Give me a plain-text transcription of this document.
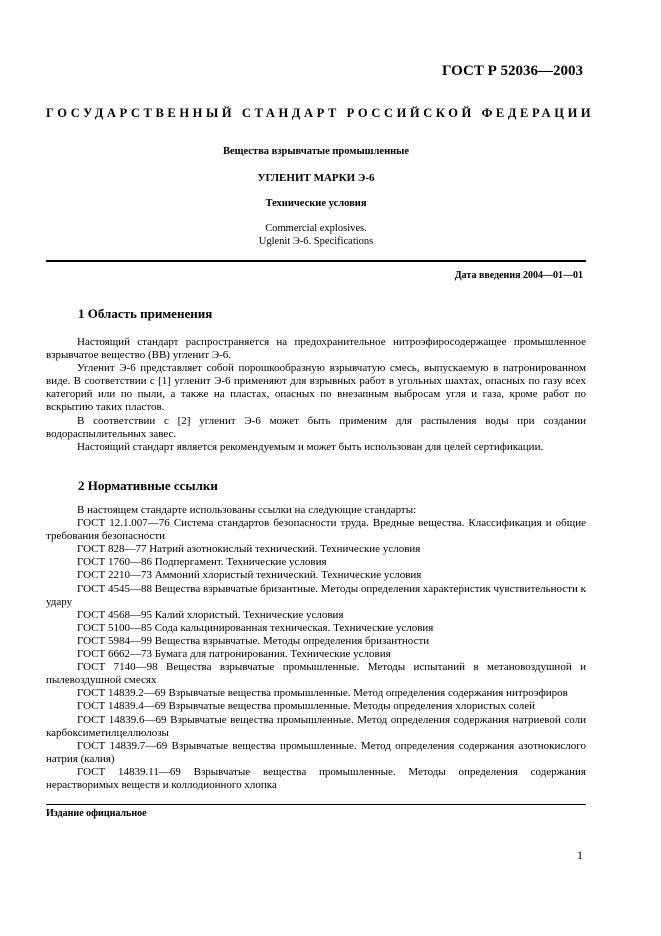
ГОСТ Р 52036—2003
ГОСУДАРСТВЕННЫЙ СТАНДАРТ РОССИЙСКОЙ ФЕДЕРАЦИИ
Вещества взрывчатые промышленные
УГЛЕНИТ МАРКИ Э-6
Технические условия
Commercial explosives.
Uglenit Э-6. Specifications
Дата введения 2004—01—01
1 Область применения

Настоящий стандарт распространяется на предохранительное нитроэфиросодержащее промышленное взрывчатое вещество (ВВ) угленит Э-6.

Угленит Э-6 представляет собой порошкообразную взрывчатую смесь, выпускаемую в патронированном виде. В соответствии с [1] угленит Э-6 применяют для взрывных работ в угольных шахтах, опасных по газу всех категорий или по пыли, а также на пластах, опасных по внезапным выбросам угля и газа, кроме работ по вскрытию таких пластов.

В соответствии с [2] угленит Э-6 может быть применим для распыления воды при создании водораспылительных завес.

Настоящий стандарт является рекомендуемым и может быть использован для целей сертификации.

2 Нормативные ссылки

В настоящем стандарте использованы ссылки на следующие стандарты:

ГОСТ 12.1.007—76 Система стандартов безопасности труда. Вредные вещества. Классификация и общие требования безопасности

ГОСТ 828—77 Натрий азотнокислый технический. Технические условия

ГОСТ 1760—86 Подпергамент. Технические условия

ГОСТ 2210—73 Аммоний хлористый технический. Технические условия

ГОСТ 4545—88 Вещества взрывчатые бризантные. Методы определения характеристик чувствительности к удару

ГОСТ 4568—95 Калий хлористый. Технические условия

ГОСТ 5100—85 Сода кальцинированная техническая. Технические условия

ГОСТ 5984—99 Вещества взрывчатые. Методы определения бризантности

ГОСТ 6662—73 Бумага для патронирования. Технические условия

ГОСТ 7140—98 Вещества взрывчатые промышленные. Методы испытаний в метановоздушной и пылевоздушной смесях

ГОСТ 14839.2—69 Взрывчатые вещества промышленные. Метод определения содержания нитроэфиров

ГОСТ 14839.4—69 Взрывчатые вещества промышленные. Методы определения хлористых солей

ГОСТ 14839.6—69 Взрывчатые вещества промышленные. Метод определения содержания натриевой соли карбоксиметилцеллюлозы

ГОСТ 14839.7—69 Взрывчатые вещества промышленные. Метод определения содержания азотнокислого натрия (калия)

ГОСТ 14839.11—69 Взрывчатые вещества промышленные. Методы определения содержания нерастворимых веществ и коллодионного хлопка

Издание официальное
1
